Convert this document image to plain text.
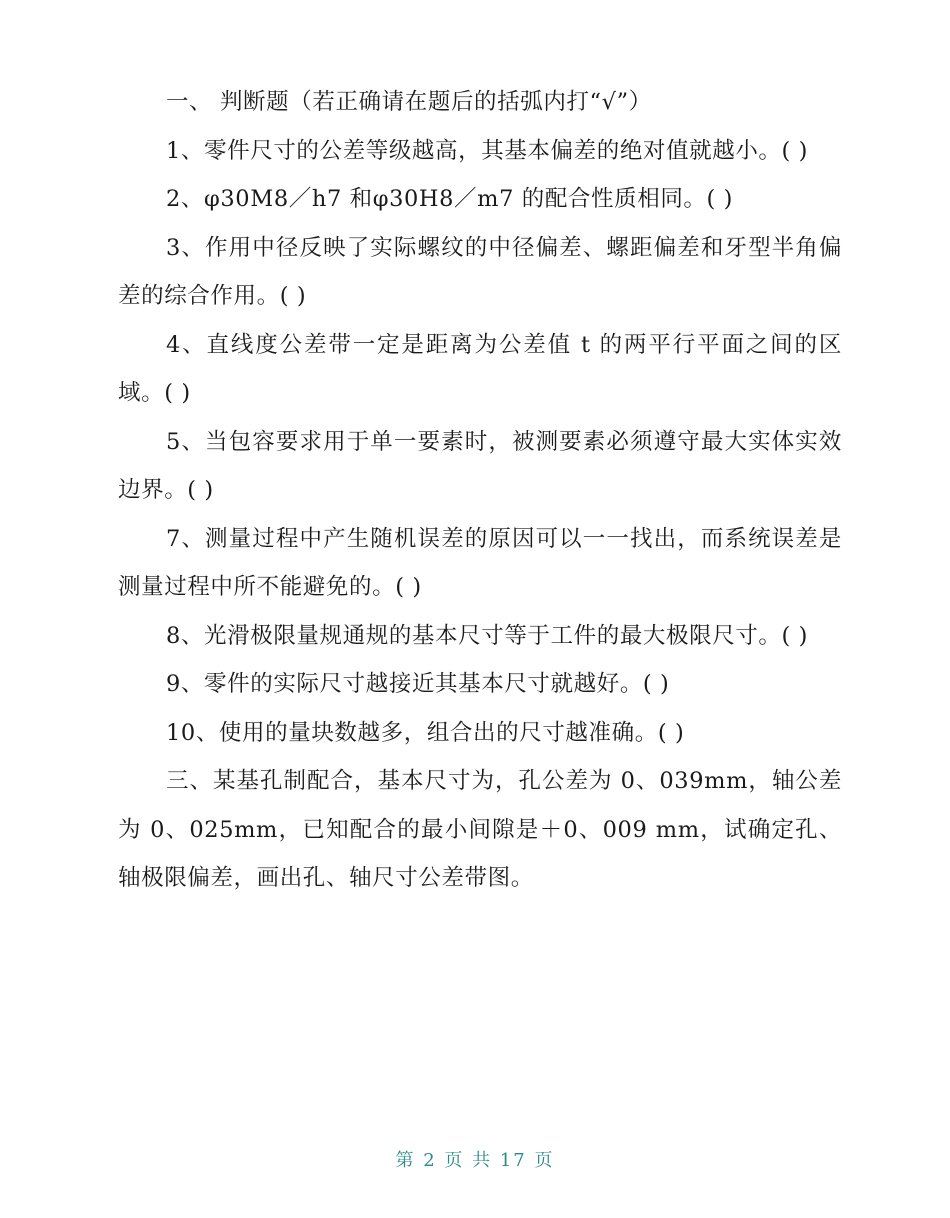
一、 判断题（若正确请在题后的括弧内打“√”）

1、零件尺寸的公差等级越高，其基本偏差的绝对值就越小。( )

2、φ30M8／h7 和φ30H8／m7 的配合性质相同。( )

3、作用中径反映了实际螺纹的中径偏差、螺距偏差和牙型半角偏差的综合作用。( )

4、直线度公差带一定是距离为公差值 t 的两平行平面之间的区域。( )

5、当包容要求用于单一要素时，被测要素必须遵守最大实体实效边界。( )

7、测量过程中产生随机误差的原因可以一一找出，而系统误差是测量过程中所不能避免的。( )

8、光滑极限量规通规的基本尺寸等于工件的最大极限尺寸。( )

9、零件的实际尺寸越接近其基本尺寸就越好。( )

10、使用的量块数越多，组合出的尺寸越准确。( )

三、某基孔制配合，基本尺寸为，孔公差为 0、039mm，轴公差为 0、025mm，已知配合的最小间隙是＋0、009 mm，试确定孔、轴极限偏差，画出孔、轴尺寸公差带图。

第 2 页 共 17 页
